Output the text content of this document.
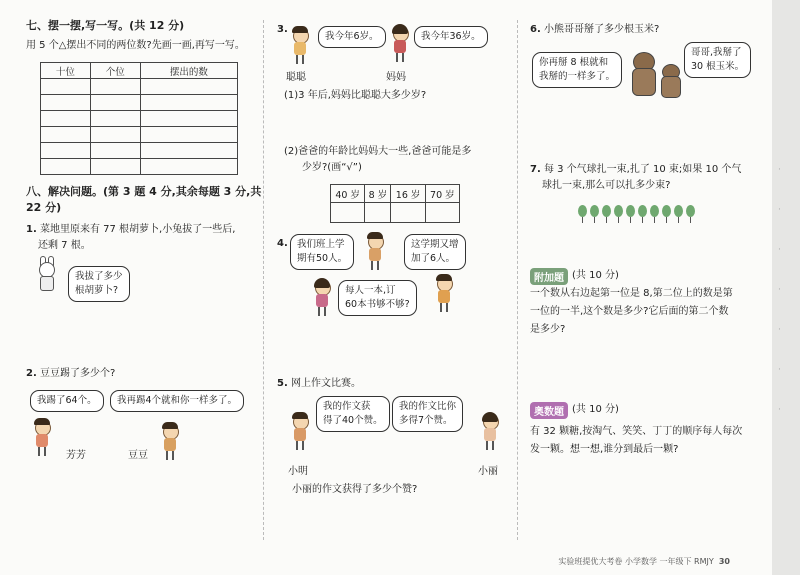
七、摆一摆,写一写。(共 12 分)
用 5 个△摆出不同的两位数?先画一画,再写一写。
十位	个位	摆出的数

八、解决问题。(第 3 题 4 分,其余每题 3 分,共
22 分)
1. 菜地里原来有 77 根胡萝卜,小兔拔了一些后,
还剩 7 根。
我拔了多少
根胡萝卜?
2. 豆豆踢了多少个?
我踢了64个。	我再踢4个就和你一样多了。
芳芳	豆豆
3.
我今年6岁。	我今年36岁。
聪聪	妈妈
(1)3 年后,妈妈比聪聪大多少岁?
(2)爸爸的年龄比妈妈大一些,爸爸可能是多
少岁?(画“√”)
40 岁	8 岁	16 岁	70 岁

4. 我们班上学
期有50人。
这学期又增
加了6人。
每人一本,订
60本书够不够?
5. 网上作文比赛。
我的作文获
得了40个赞。
我的作文比你
多得7个赞。
小明	小丽
小丽的作文获得了多少个赞?
6. 小熊哥哥掰了多少根玉米?
你再掰 8 根就和
我掰的一样多了。
哥哥,我掰了
30 根玉米。
7. 每 3 个气球扎一束,扎了 10 束;如果 10 个气
球扎一束,那么可以扎多少束?
附加题 (共 10 分)
一个数从右边起第一位是 8,第二位上的数是第
一位的一半,这个数是多少?它后面的第二个数
是多少?
奥数题 (共 10 分)
有 32 颗糖,按淘气、笑笑、丁丁的顺序每人每次
发一颗。想一想,谁分到最后一颗?
实验班提优大考卷 小学数学 一年级下 RMJY 30
·
·
·
·
·
·
·
